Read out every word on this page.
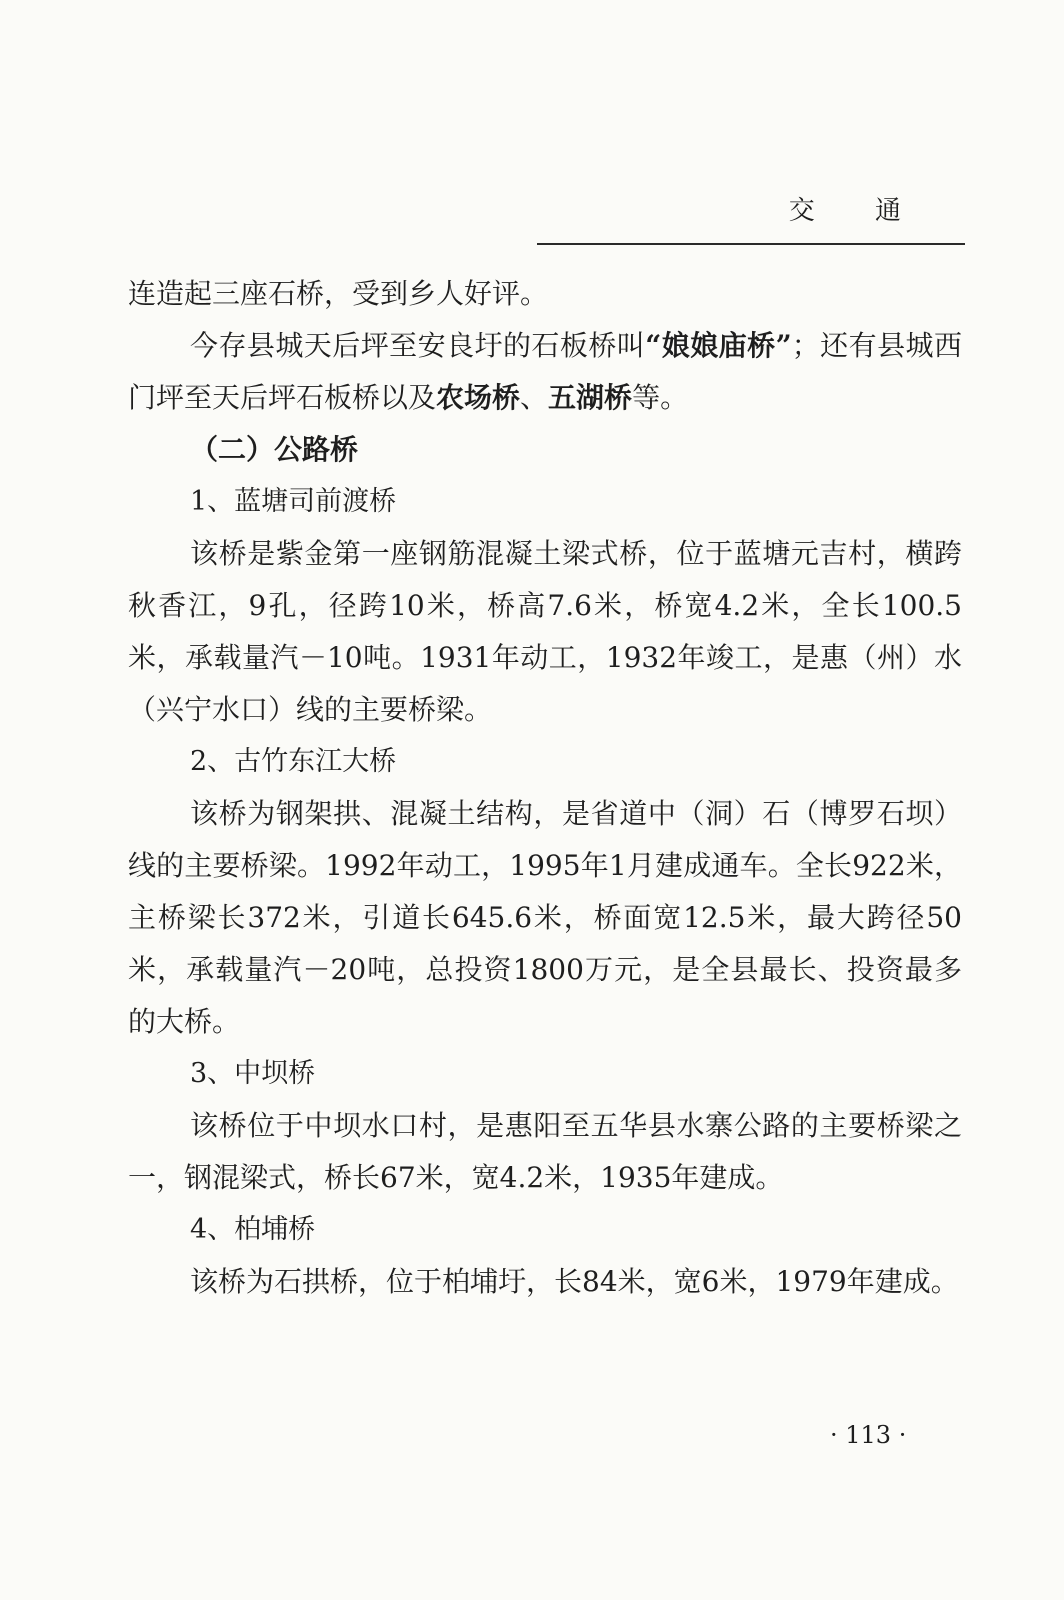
交 通

连造起三座石桥，受到乡人好评。

今存县城天后坪至安良圩的石板桥叫“娘娘庙桥”；还有县城西门坪至天后坪石板桥以及农场桥、五湖桥等。

（二）公路桥

1、蓝塘司前渡桥

该桥是紫金第一座钢筋混凝土梁式桥，位于蓝塘元吉村，横跨秋香江，9孔，径跨10米，桥高7.6米，桥宽4.2米，全长100.5米，承载量汽－10吨。1931年动工，1932年竣工，是惠（州）水（兴宁水口）线的主要桥梁。

2、古竹东江大桥

该桥为钢架拱、混凝土结构，是省道中（洞）石（博罗石坝）线的主要桥梁。1992年动工，1995年1月建成通车。全长922米，主桥梁长372米，引道长645.6米，桥面宽12.5米，最大跨径50米，承载量汽－20吨，总投资1800万元，是全县最长、投资最多的大桥。

3、中坝桥

该桥位于中坝水口村，是惠阳至五华县水寨公路的主要桥梁之一，钢混梁式，桥长67米，宽4.2米，1935年建成。

4、柏埔桥

该桥为石拱桥，位于柏埔圩，长84米，宽6米，1979年建成。

· 113 ·
